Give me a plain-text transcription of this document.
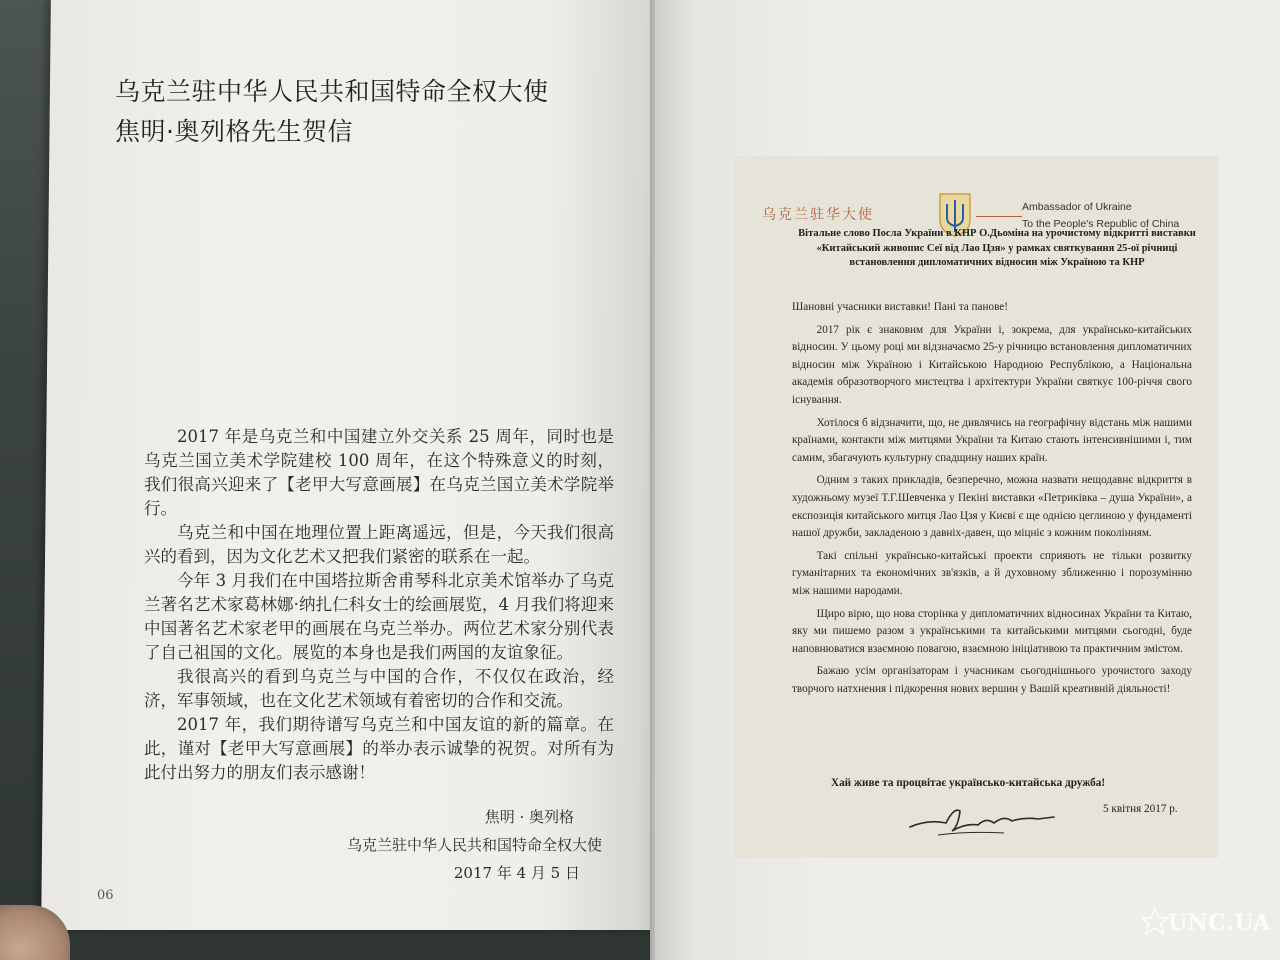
乌克兰驻中华人民共和国特命全权大使
焦明·奥列格先生贺信

2017 年是乌克兰和中国建立外交关系 25 周年，同时也是乌克兰国立美术学院建校 100 周年，在这个特殊意义的时刻，我们很高兴迎来了【老甲大写意画展】在乌克兰国立美术学院举行。

乌克兰和中国在地理位置上距离遥远，但是，今天我们很高兴的看到，因为文化艺术又把我们紧密的联系在一起。

今年 3 月我们在中国塔拉斯舍甫琴科北京美术馆举办了乌克兰著名艺术家葛林娜·纳扎仁科女士的绘画展览，4 月我们将迎来中国著名艺术家老甲的画展在乌克兰举办。两位艺术家分别代表了自己祖国的文化。展览的本身也是我们两国的友谊象征。

我很高兴的看到乌克兰与中国的合作，不仅仅在政治，经济，军事领域，也在文化艺术领域有着密切的合作和交流。

2017 年，我们期待谱写乌克兰和中国友谊的新的篇章。在此，谨对【老甲大写意画展】的举办表示诚挚的祝贺。对所有为此付出努力的朋友们表示感谢！

焦明 · 奥列格
乌克兰驻中华人民共和国特命全权大使
2017 年 4 月 5 日
06
乌克兰驻华大使	Ambassador of Ukraine
To the People's Republic of China
Вітальне слово Посла України в КНР О.Дьоміна на урочистому відкритті виставки «Китайський живопис Сеї від Лао Цзя» у рамках святкування 25-ої річниці встановлення дипломатичних відносин між Україною та КНР

Шановні учасники виставки! Пані та панове!

2017 рік є знаковим для України і, зокрема, для українсько-китайських відносин. У цьому році ми відзначаємо 25-у річницю встановлення дипломатичних відносин між Україною і Китайською Народною Республікою, а Національна академія образотворчого мистецтва і архітектури України святкує 100-річчя свого існування.

Хотілося б відзначити, що, не дивлячись на географічну відстань між нашими країнами, контакти між митцями України та Китаю стають інтенсивнішими і, тим самим, збагачують культурну спадщину наших країн.

Одним з таких прикладів, безперечно, можна назвати нещодавнє відкриття в художньому музеї Т.Г.Шевченка у Пекіні виставки «Петриківка – душа України», а експозиція китайського митця Лао Цзя у Києві є ще однією цеглиною у фундаменті нашої дружби, закладеною з давніх-давен, що міцніє з кожним поколінням.

Такі спільні українсько-китайські проекти сприяють не тільки розвитку гуманітарних та економічних зв'язків, а й духовному зближенню і порозумінню між нашими народами.

Щиро вірю, що нова сторінка у дипломатичних відносинах України та Китаю, яку ми пишемо разом з українськими та китайськими митцями сьогодні, буде наповнюватися взаємною повагою, взаємною ініціативою та практичним змістом.

Бажаю усім організаторам і учасникам сьогоднішнього урочистого заходу творчого натхнення і підкорення нових вершин у Вашій креативній діяльності!

Хай живе та процвітає українсько-китайська дружба!
5 квітня 2017 р.
UNC.UA
